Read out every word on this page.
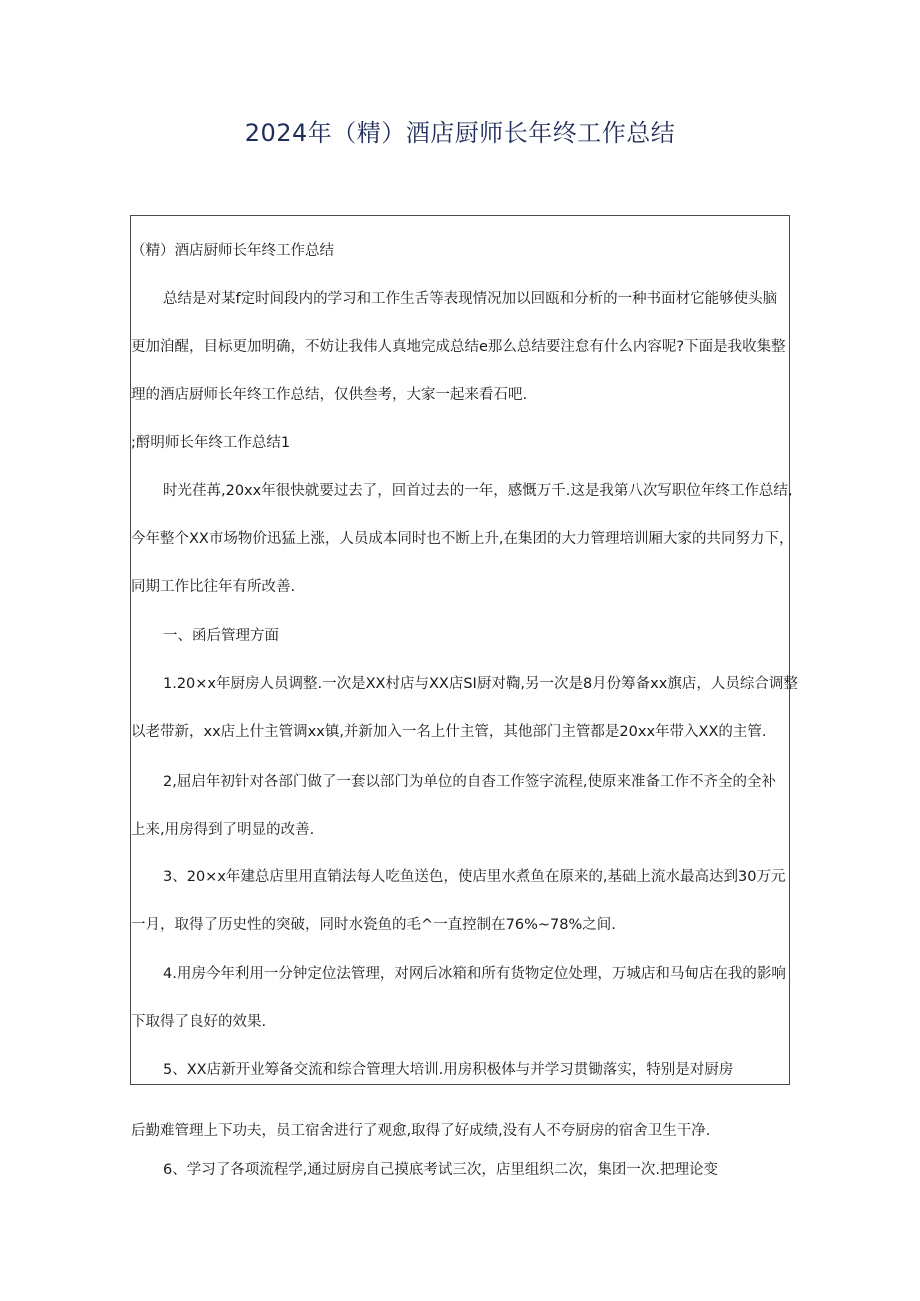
2024年（精）酒店厨师长年终工作总结

（精）酒店厨师长年终工作总结

总结是对某f定时间段内的学习和工作生舌等表现情况加以回瓯和分析的一种书面材它能够使头脑

更加洎醒，目标更加明确，不妨让我伟人真地完成总结e那么总结要注怠有什么内容呢?下面是我收集整

理的酒店厨师长年终工作总结，仅供叁考，大家一起来看石吧.

;酹明师长年终工作总结1

时光荏苒,20xx年很快就要过去了，回首过去的一年，感慨万千.这是我第八次写职位年终工作总结,

今年整个XX市场物价迅猛上涨，人员成本同时也不断上升,在集团的大力管理培训厢大家的共同努力下，

同期工作比往年有所改善.

一、函后管理方面

1.20×x年厨房人员调整.一次是XX村店与XX店SI厨对鞫,另一次是8月份筹备xx旗店，人员综合调整

以老带新，xx店上什主管调xx镇,并新加入一名上什主管，其他部门主管都是20xx年带入XX的主管.

2,屈启年初针对各部门做了一套以部门为单位的自杳工作签字流程,使原来准备工作不齐全的全补

上来,用房得到了明显的改善.

3、20×x年建总店里用直销法每人吃鱼送色，使店里水煮鱼在原来的,基础上流水最高达到30万元

一月，取得了历史性的突破，同时水瓷鱼的毛^一直控制在76%~78%之间.

4.用房今年利用一分钟定位法管理，对网后冰箱和所有货物定位处理，万城店和马甸店在我的影响

下取得了良好的效果.

5、XX店新开业筹备交流和综合管理大培训.用房积极体与并学习贯锄落实，特别是对厨房

后勤难管理上下功夫，员工宿舍进行了观愈,取得了好成绩,没有人不夸厨房的宿舍卫生干净.

6、学习了各项流程学,通过厨房自己摸底考试三次，店里组织二次，集团一次.把理论变
